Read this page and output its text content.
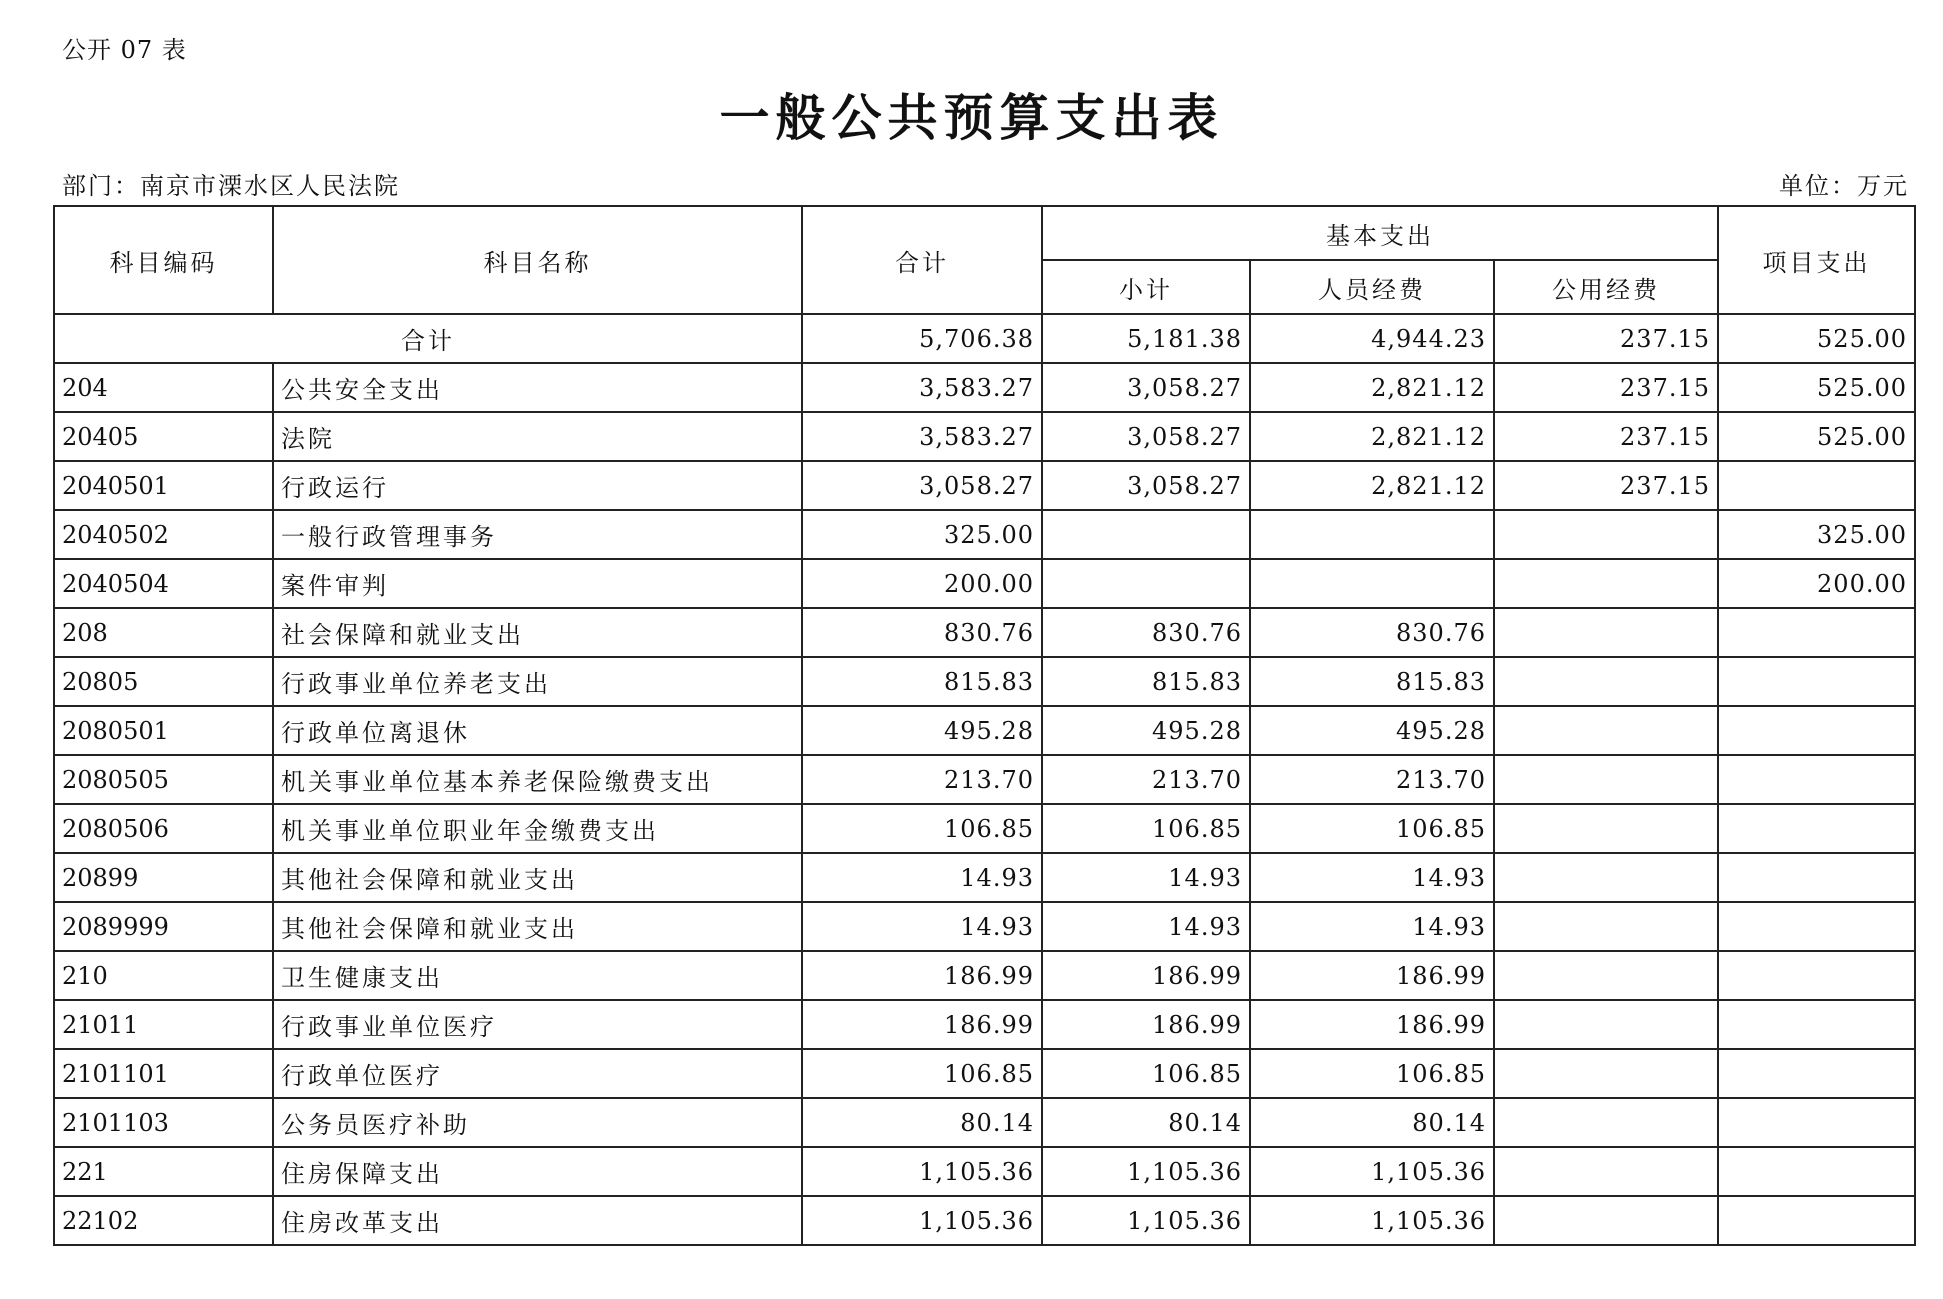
公开 07 表
一般公共预算支出表
部门：南京市溧水区人民法院	单位：万元
科目编码	科目名称	合计	基本支出			项目支出
			小计	人员经费	公用经费	
合计		5,706.38	5,181.38	4,944.23	237.15	525.00
204	公共安全支出	3,583.27	3,058.27	2,821.12	237.15	525.00
20405	法院	3,583.27	3,058.27	2,821.12	237.15	525.00
2040501	行政运行	3,058.27	3,058.27	2,821.12	237.15	
2040502	一般行政管理事务	325.00				325.00
2040504	案件审判	200.00				200.00
208	社会保障和就业支出	830.76	830.76	830.76		
20805	行政事业单位养老支出	815.83	815.83	815.83		
2080501	行政单位离退休	495.28	495.28	495.28		
2080505	机关事业单位基本养老保险缴费支出	213.70	213.70	213.70		
2080506	机关事业单位职业年金缴费支出	106.85	106.85	106.85		
20899	其他社会保障和就业支出	14.93	14.93	14.93		
2089999	其他社会保障和就业支出	14.93	14.93	14.93		
210	卫生健康支出	186.99	186.99	186.99		
21011	行政事业单位医疗	186.99	186.99	186.99		
2101101	行政单位医疗	106.85	106.85	106.85		
2101103	公务员医疗补助	80.14	80.14	80.14		
221	住房保障支出	1,105.36	1,105.36	1,105.36		
22102	住房改革支出	1,105.36	1,105.36	1,105.36		
